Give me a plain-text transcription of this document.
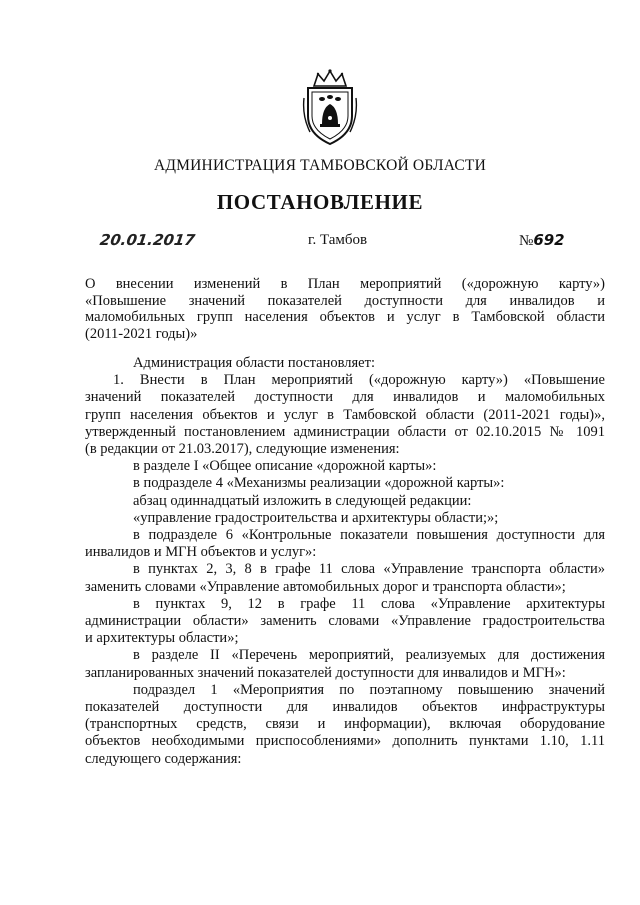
АДМИНИСТРАЦИЯ ТАМБОВСКОЙ ОБЛАСТИ
ПОСТАНОВЛЕНИЕ
20.01.2017	г. Тамбов	№692
О внесении изменений в План мероприятий («дорожную карту»)
«Повышение значений показателей доступности для инвалидов и
маломобильных групп населения объектов и услуг в Тамбовской области
(2011-2021 годы)»
Администрация области постановляет:
1. Внести в План мероприятий («дорожную карту») «Повышение
значений показателей доступности для инвалидов и маломобильных
групп населения объектов и услуг в Тамбовской области (2011-2021 годы)»,
утвержденный постановлением администрации области от 02.10.2015 № 1091
(в редакции от 21.03.2017), следующие изменения:
в разделе I «Общее описание «дорожной карты»:
в подразделе 4 «Механизмы реализации «дорожной карты»:
абзац одиннадцатый изложить в следующей редакции:
«управление градостроительства и архитектуры области;»;
в подразделе 6 «Контрольные показатели повышения доступности для
инвалидов и МГН объектов и услуг»:
в пунктах 2, 3, 8 в графе 11 слова «Управление транспорта области»
заменить словами «Управление автомобильных дорог и транспорта области»;
в пунктах 9, 12 в графе 11 слова «Управление архитектуры
администрации области» заменить словами «Управление градостроительства
и архитектуры области»;
в разделе II «Перечень мероприятий, реализуемых для достижения
запланированных значений показателей доступности для инвалидов и МГН»:
подраздел 1 «Мероприятия по поэтапному повышению значений
показателей доступности для инвалидов объектов инфраструктуры
(транспортных средств, связи и информации), включая оборудование
объектов необходимыми приспособлениями» дополнить пунктами 1.10, 1.11
следующего содержания:
